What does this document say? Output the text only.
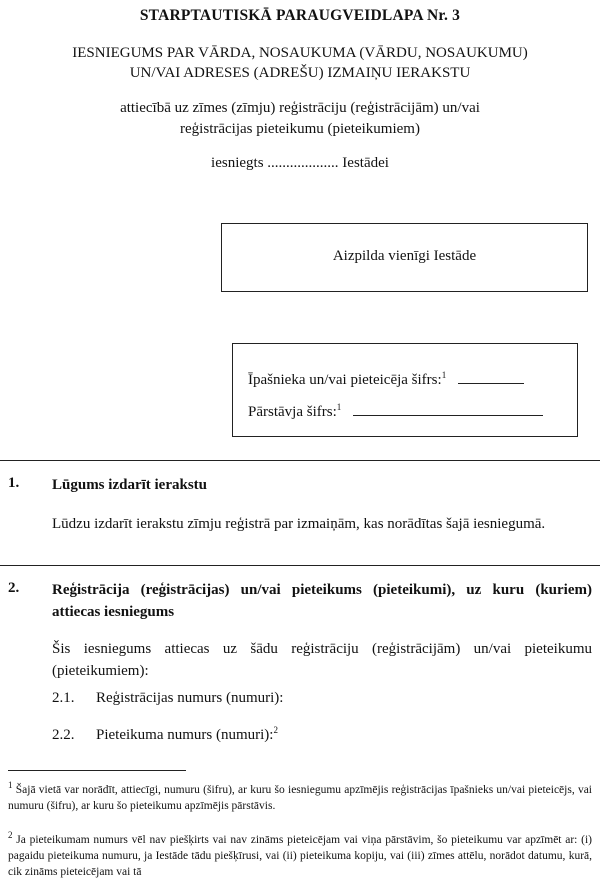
STARPTAUTISKĀ PARAUGVEIDLAPA Nr. 3
IESNIEGUMS PAR VĀRDA, NOSAUKUMA (VĀRDU, NOSAUKUMU)
UN/VAI ADRESES (ADREŠU) IZMAIŅU IERAKSTU
attiecībā uz zīmes (zīmju) reģistrāciju (reģistrācijām) un/vai
reģistrācijas pieteikumu (pieteikumiem)
iesniegts ................... Iestādei
Aizpilda vienīgi Iestāde
Īpašnieka un/vai pieteicēja šifrs:$^1$
Pārstāvja šifrs:$^1$
1. Lūgums izdarīt ierakstu
Lūdzu izdarīt ierakstu zīmju reģistrā par izmaiņām, kas norādītas šajā iesniegumā.
2. Reģistrācija (reģistrācijas) un/vai pieteikums (pieteikumi), uz kuru (kuriem) attiecas iesniegums
Šis iesniegums attiecas uz šādu reģistrāciju (reģistrācijām) un/vai pieteikumu (pieteikumiem):
2.1. Reģistrācijas numurs (numuri):
2.2. Pieteikuma numurs (numuri):$^2$
$^1$ Šajā vietā var norādīt, attiecīgi, numuru (šifru), ar kuru šo iesniegumu apzīmējis reģistrācijas īpašnieks un/vai pieteicējs, vai numuru (šifru), ar kuru šo pieteikumu apzīmējis pārstāvis.
$^2$ Ja pieteikumam numurs vēl nav piešķirts vai nav zināms pieteicējam vai viņa pārstāvim, šo pieteikumu var apzīmēt ar: (i) pagaidu pieteikuma numuru, ja Iestāde tādu piešķīrusi, vai (ii) pieteikuma kopiju, vai (iii) zīmes attēlu, norādot datumu, kurā, cik zināms pieteicējam vai tā
